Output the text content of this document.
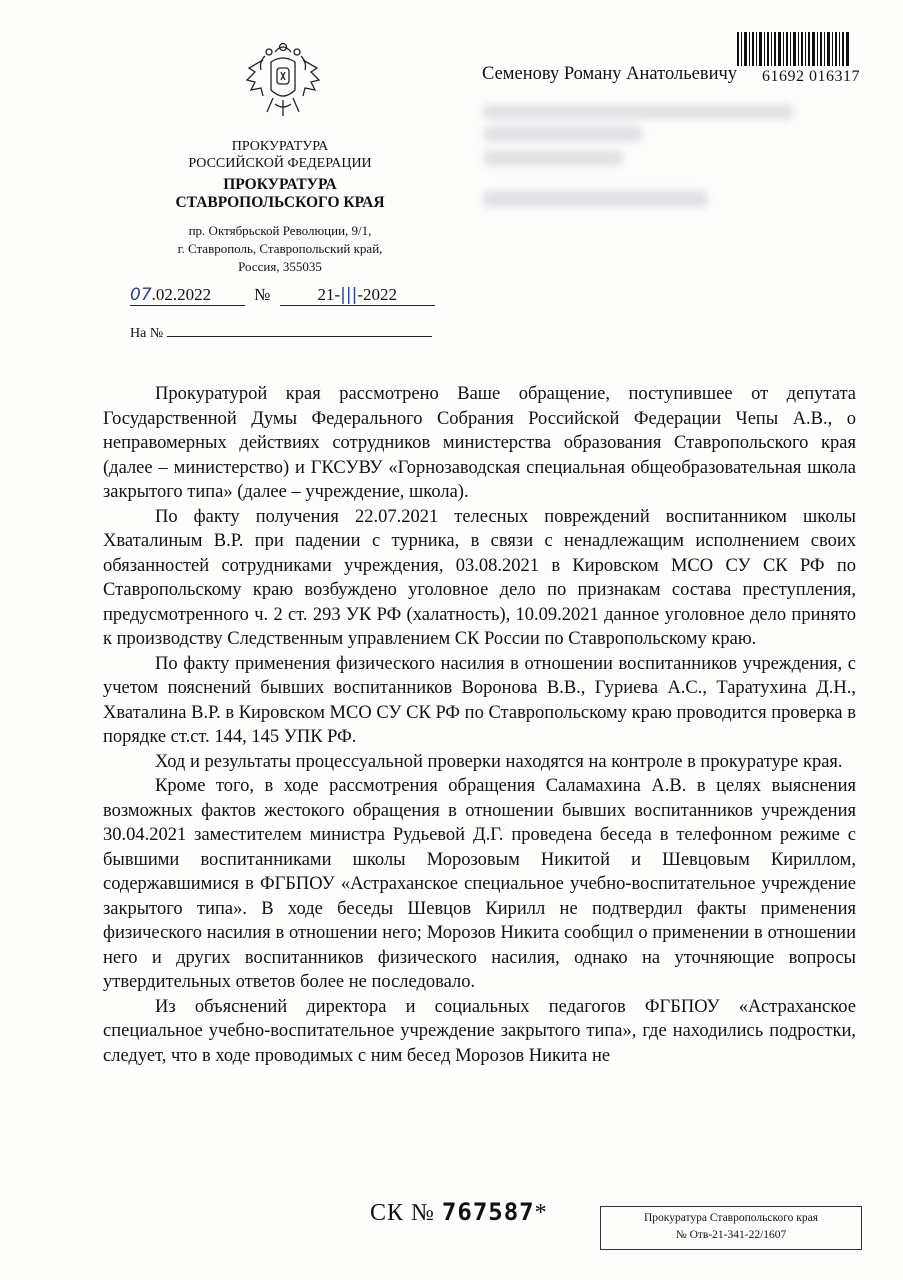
ПРОКУРАТУРА
РОССИЙСКОЙ ФЕДЕРАЦИИ
ПРОКУРАТУРА
СТАВРОПОЛЬСКОГО КРАЯ
пр. Октябрьской Революции, 9/1,
г. Ставрополь, Ставропольский край,
Россия, 355035
07.02.2022	№	21-|||-2022
На №
Семенову Роману Анатольевичу 61692 016317

Прокуратурой края рассмотрено Ваше обращение, поступившее от депутата Государственной Думы Федерального Собрания Российской Федерации Чепы А.В., о неправомерных действиях сотрудников министерства образования Ставропольского края (далее – министерство) и ГКСУВУ «Горнозаводская специальная общеобразовательная школа закрытого типа» (далее – учреждение, школа).

По факту получения 22.07.2021 телесных повреждений воспитанником школы Хваталиным В.Р. при падении с турника, в связи с ненадлежащим исполнением своих обязанностей сотрудниками учреждения, 03.08.2021 в Кировском МСО СУ СК РФ по Ставропольскому краю возбуждено уголовное дело по признакам состава преступления, предусмотренного ч. 2 ст. 293 УК РФ (халатность), 10.09.2021 данное уголовное дело принято к производству Следственным управлением СК России по Ставропольскому краю.

По факту применения физического насилия в отношении воспитанников учреждения, с учетом пояснений бывших воспитанников Воронова В.В., Гуриева А.С., Таратухина Д.Н., Хваталина В.Р. в Кировском МСО СУ СК РФ по Ставропольскому краю проводится проверка в порядке ст.ст. 144, 145 УПК РФ.

Ход и результаты процессуальной проверки находятся на контроле в прокуратуре края.

Кроме того, в ходе рассмотрения обращения Саламахина А.В. в целях выяснения возможных фактов жестокого обращения в отношении бывших воспитанников учреждения 30.04.2021 заместителем министра Рудьевой Д.Г. проведена беседа в телефонном режиме с бывшими воспитанниками школы Морозовым Никитой и Шевцовым Кириллом, содержавшимися в ФГБПОУ «Астраханское специальное учебно-воспитательное учреждение закрытого типа». В ходе беседы Шевцов Кирилл не подтвердил факты применения физического насилия в отношении него; Морозов Никита сообщил о применении в отношении него и других воспитанников физического насилия, однако на уточняющие вопросы утвердительных ответов более не последовало.

Из объяснений директора и социальных педагогов ФГБПОУ «Астраханское специальное учебно-воспитательное учреждение закрытого типа», где находились подростки, следует, что в ходе проводимых с ним бесед Морозов Никита не

СК № 767587*	Прокуратура Ставропольского края
№ Отв-21-341-22/1607
